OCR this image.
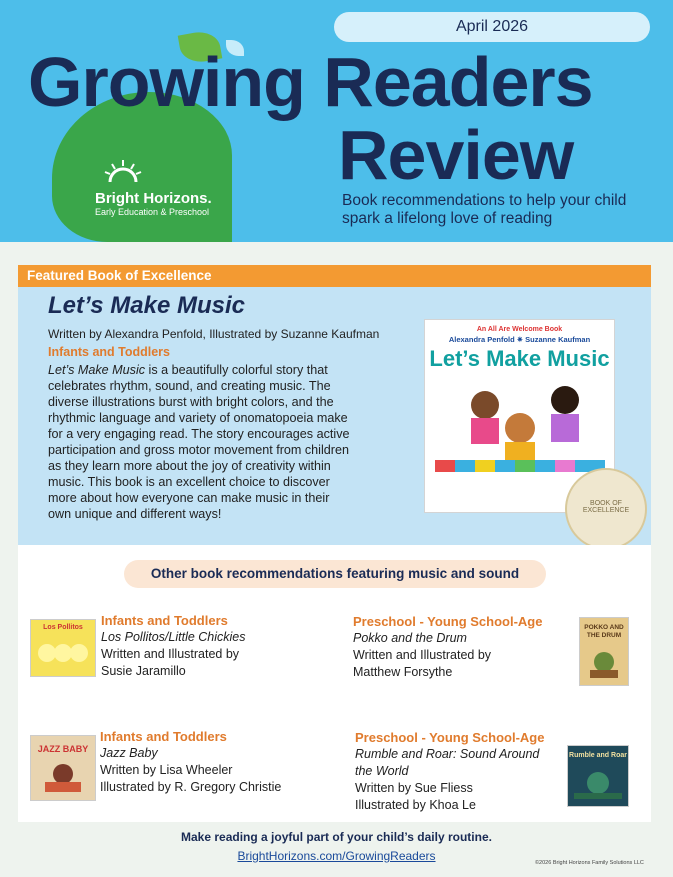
Bright Horizons.
Early Education & Preschool
April 2026
Growing Readers
Review
Book recommendations to help your child spark a lifelong love of reading
Featured Book of Excellence
Let’s Make Music
Written by Alexandra Penfold, Illustrated by Suzanne Kaufman
Infants and Toddlers
Let’s Make Music is a beautifully colorful story that celebrates rhythm, sound, and creating music. The diverse illustrations burst with bright colors, and the rhythmic language and variety of onomatopoeia make for a very engaging read. The story encourages active participation and gross motor movement from children as they learn more about the joy of creativity within music. This book is an excellent choice to discover more about how everyone can make music in their own unique and different ways!
An All Are Welcome Book
Alexandra Penfold ✷ Suzanne Kaufman
Let’s Make Music
BOOK OF EXCELLENCE
Other book recommendations featuring music and sound
Los Pollitos	Infants and Toddlers
Los Pollitos/Little Chickies
Written and Illustrated by
Susie Jaramillo
Preschool - Young School-Age
Pokko and the Drum
Written and Illustrated by
Matthew Forsythe
POKKO AND THE DRUM
JAZZ BABY
Infants and Toddlers
Jazz Baby
Written by Lisa Wheeler
Illustrated by R. Gregory Christie
Preschool - Young School-Age
Rumble and Roar: Sound Around the World
Written by Sue Fliess
Illustrated by Khoa Le
Rumble and Roar
Make reading a joyful part of your child’s daily routine.
BrightHorizons.com/GrowingReaders	©2026 Bright Horizons Family Solutions LLC
